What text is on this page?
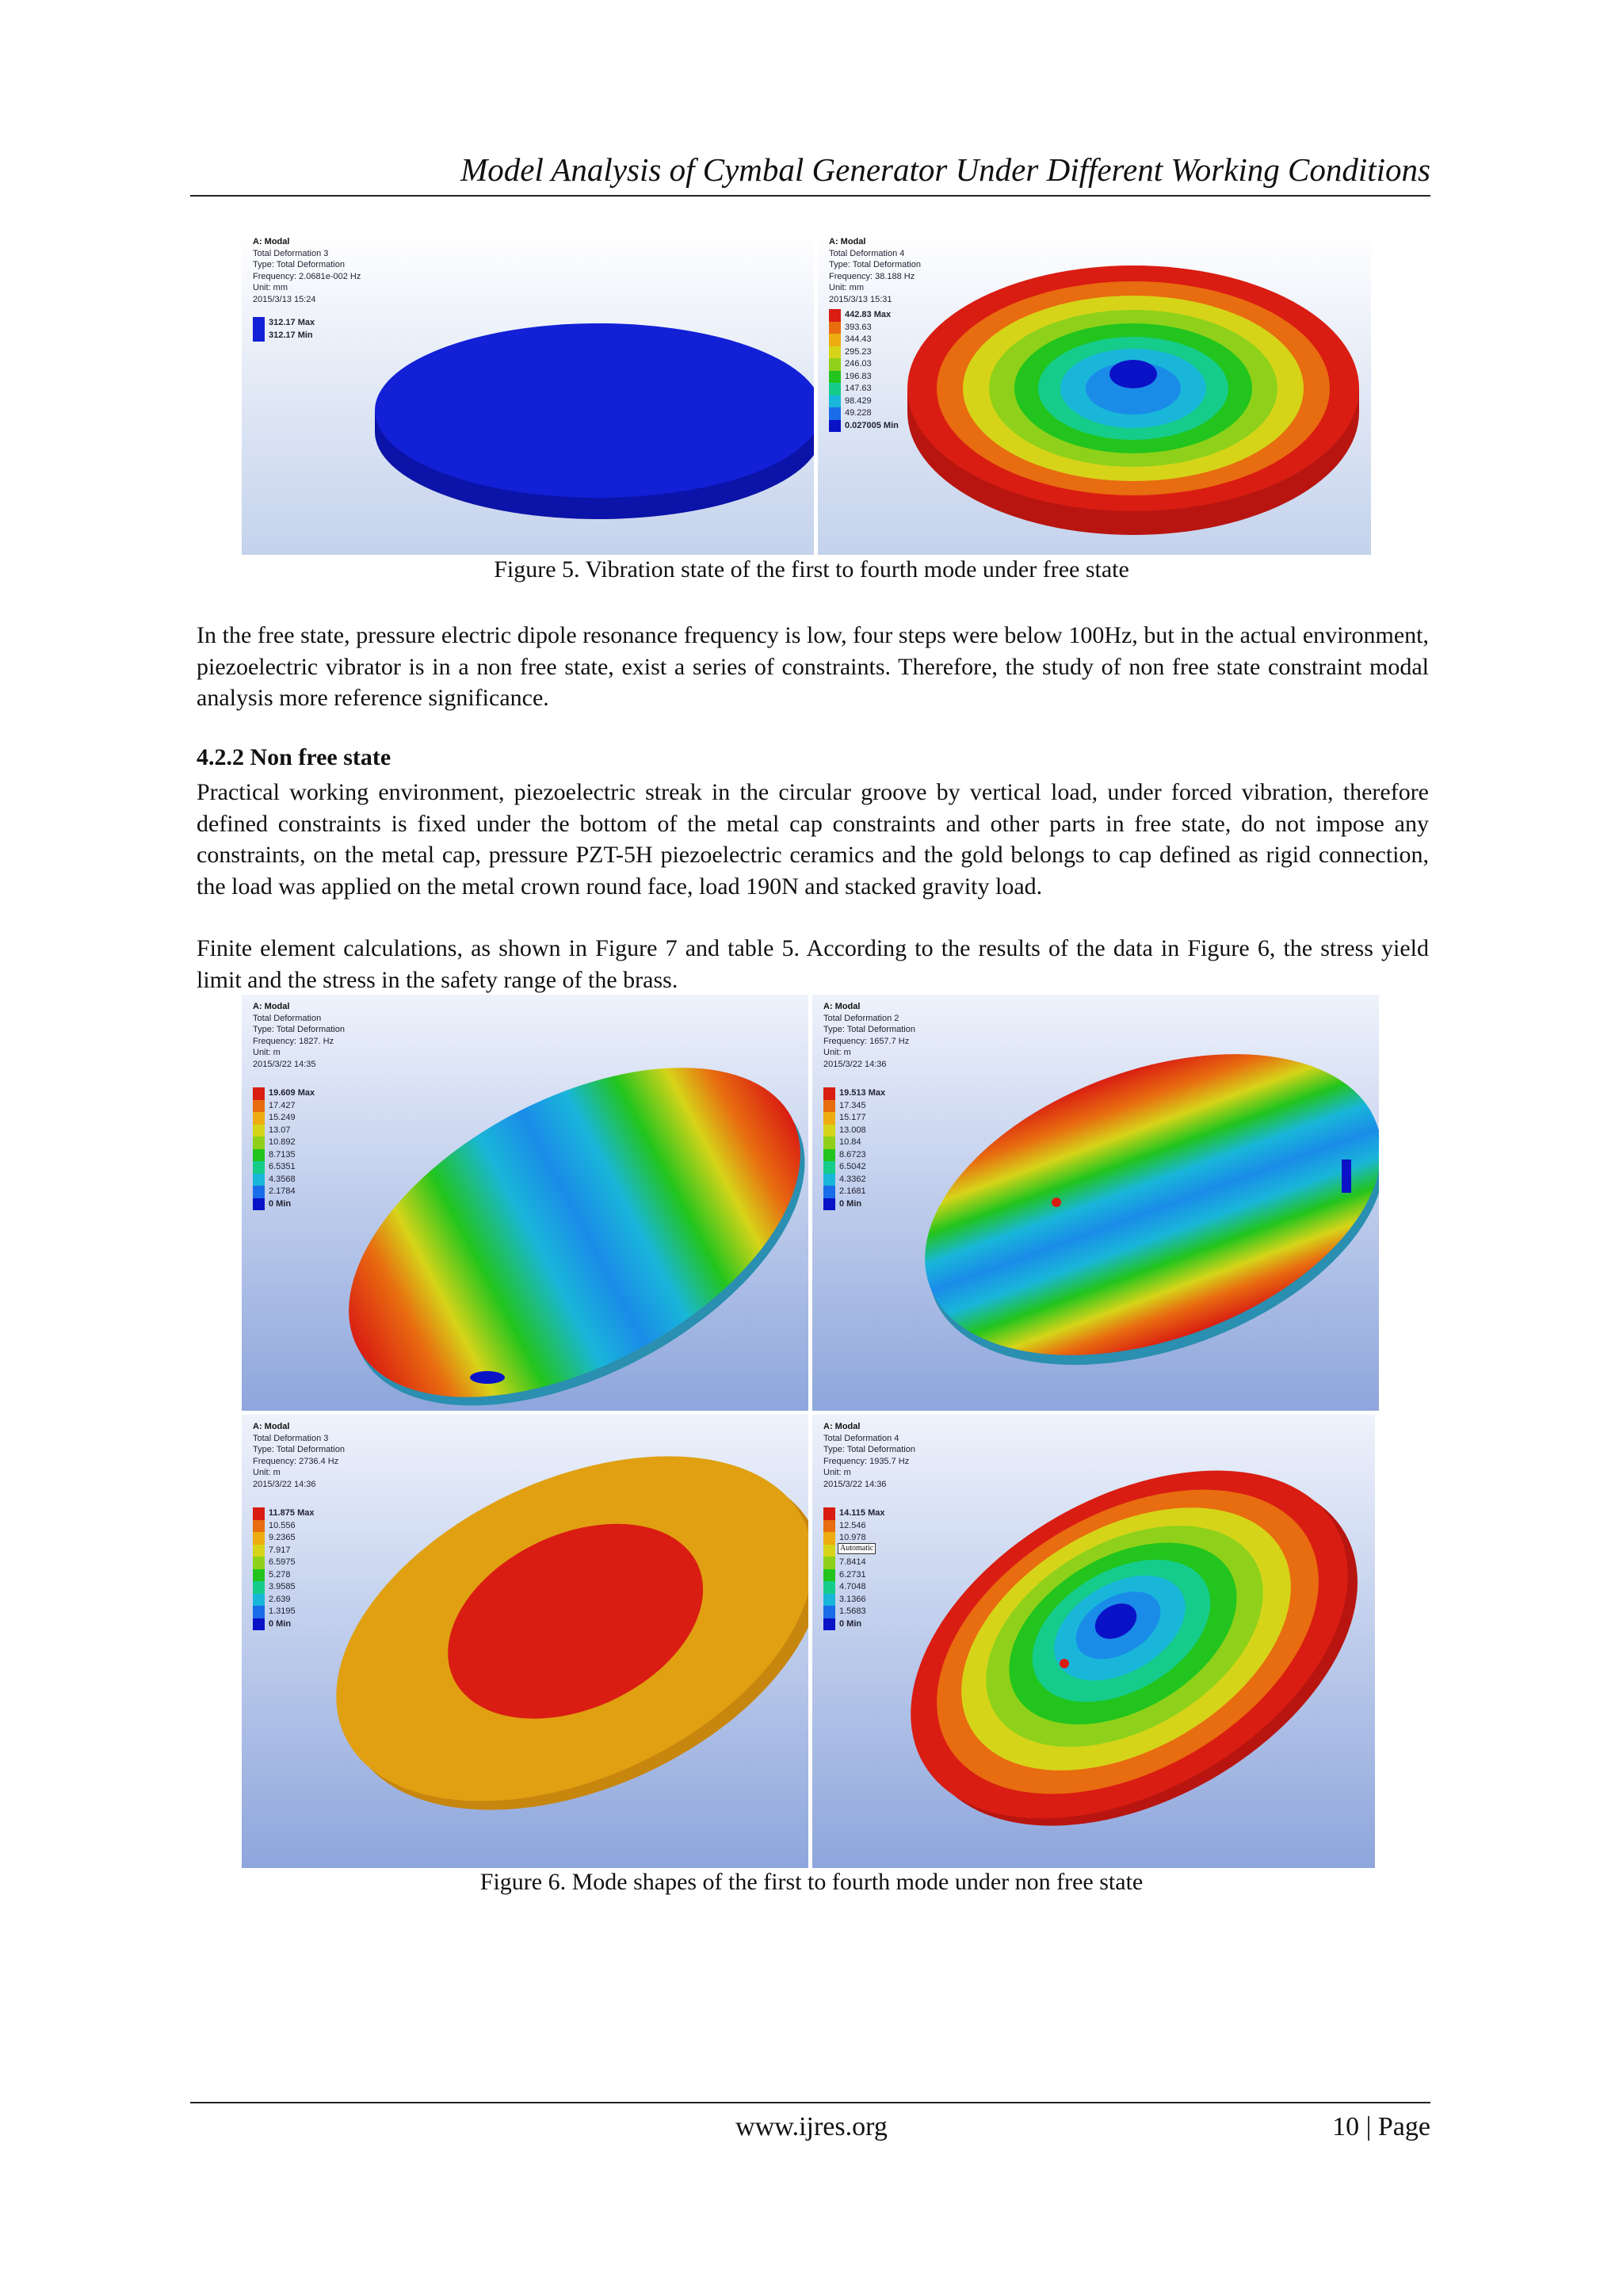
Model Analysis of Cymbal Generator Under Different Working Conditions
A: Modal
Total Deformation 3
Type: Total Deformation
Frequency: 2.0681e-002 Hz
Unit: mm
2015/3/13 15:24
312.17 Max
312.17 Min
A: Modal
Total Deformation 4
Type: Total Deformation
Frequency: 38.188 Hz
Unit: mm
2015/3/13 15:31
442.83 Max
393.63
344.43
295.23
246.03
196.83
147.63
98.429
49.228
0.027005 Min
Figure 5. Vibration state of the first to fourth mode under free state
In the free state, pressure electric dipole resonance frequency is low, four steps were below 100Hz, but in the actual environment, piezoelectric vibrator is in a non free state, exist a series of constraints. Therefore, the study of non free state constraint modal analysis more reference significance.
4.2.2 Non free state
Practical working environment, piezoelectric streak in the circular groove by vertical load, under forced vibration, therefore defined constraints is fixed under the bottom of the metal cap constraints and other parts in free state, do not impose any constraints, on the metal cap, pressure PZT-5H piezoelectric ceramics and the gold belongs to cap defined as rigid connection, the load was applied on the metal crown round face, load 190N and stacked gravity load.
Finite element calculations, as shown in Figure 7 and table 5. According to the results of the data in Figure 6, the stress yield limit and the stress in the safety range of the brass.
A: Modal
Total Deformation
Type: Total Deformation
Frequency: 1827. Hz
Unit: m
2015/3/22 14:35
19.609 Max
17.427
15.249
13.07
10.892
8.7135
6.5351
4.3568
2.1784
0 Min
A: Modal
Total Deformation 2
Type: Total Deformation
Frequency: 1657.7 Hz
Unit: m
2015/3/22 14:36
19.513 Max
17.345
15.177
13.008
10.84
8.6723
6.5042
4.3362
2.1681
0 Min
A: Modal
Total Deformation 3
Type: Total Deformation
Frequency: 2736.4 Hz
Unit: m
2015/3/22 14:36
11.875 Max
10.556
9.2365
7.917
6.5975
5.278
3.9585
2.639
1.3195
0 Min
A: Modal
Total Deformation 4
Type: Total Deformation
Frequency: 1935.7 Hz
Unit: m
2015/3/22 14:36
14.115 Max
12.546
10.978
7.8414
6.2731
4.7048
3.1366
1.5683
0 Min
Automatic
Figure 6. Mode shapes of the first to fourth mode under non free state
www.ijres.org	10 | Page
